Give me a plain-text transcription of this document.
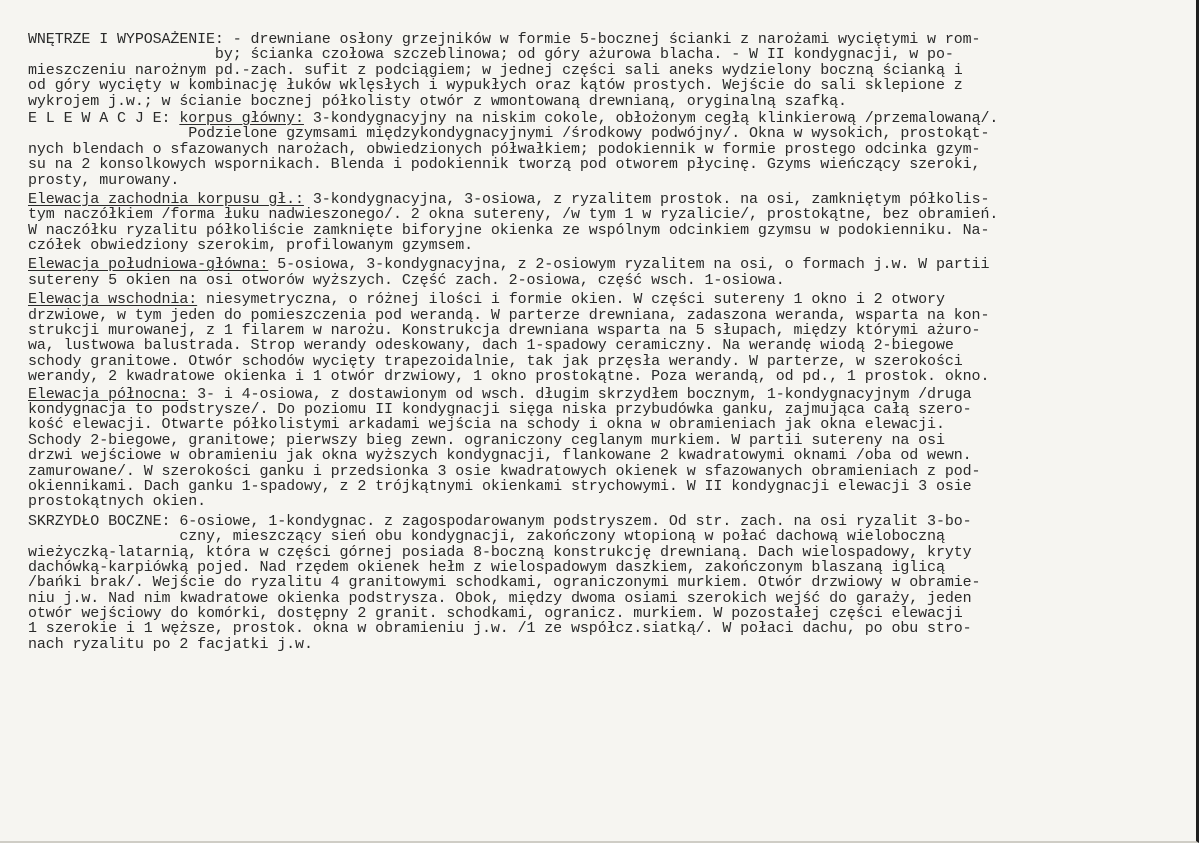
WNĘTRZE I WYPOSAŻENIE: - drewniane osłony grzejników w formie 5-bocznej ścianki z narożami wyciętymi w rom-
by; ścianka czołowa szczeblinowa; od góry ażurowa blacha. - W II kondygnacji, w po-
mieszczeniu narożnym pd.-zach. sufit z podciągiem; w jednej części sali aneks wydzielony boczną ścianką i
od góry wycięty w kombinację łuków wklęsłych i wypukłych oraz kątów prostych. Wejście do sali sklepione z
wykrojem j.w.; w ścianie bocznej półkolisty otwór z wmontowaną drewnianą, oryginalną szafką.
E L E W A C J E: korpus główny: 3-kondygnacyjny na niskim cokole, obłożonym cegłą klinkierową /przemalowaną/.
Podzielone gzymsami międzykondygnacyjnymi /środkowy podwójny/. Okna w wysokich, prostokąt-
nych blendach o sfazowanych narożach, obwiedzionych półwałkiem; podokiennik w formie prostego odcinka gzym-
su na 2 konsolkowych wspornikach. Blenda i podokiennik tworzą pod otworem płycinę. Gzyms wieńczący szeroki,
prosty, murowany.
Elewacja zachodnia korpusu gł.: 3-kondygnacyjna, 3-osiowa, z ryzalitem prostok. na osi, zamkniętym półkolis-
tym naczółkiem /forma łuku nadwieszonego/. 2 okna sutereny, /w tym 1 w ryzalicie/, prostokątne, bez obramień.
W naczółku ryzalitu półkoliście zamknięte biforyjne okienka ze wspólnym odcinkiem gzymsu w podokienniku. Na-
czółek obwiedziony szerokim, profilowanym gzymsem.
Elewacja południowa-główna: 5-osiowa, 3-kondygnacyjna, z 2-osiowym ryzalitem na osi, o formach j.w. W partii
sutereny 5 okien na osi otworów wyższych. Część zach. 2-osiowa, część wsch. 1-osiowa.
Elewacja wschodnia: niesymetryczna, o różnej ilości i formie okien. W części sutereny 1 okno i 2 otwory
drzwiowe, w tym jeden do pomieszczenia pod werandą. W parterze drewniana, zadaszona weranda, wsparta na kon-
strukcji murowanej, z 1 filarem w narożu. Konstrukcja drewniana wsparta na 5 słupach, między którymi ażuro-
wa, lustwowa balustrada. Strop werandy odeskowany, dach 1-spadowy ceramiczny. Na werandę wiodą 2-biegowe
schody granitowe. Otwór schodów wycięty trapezoidalnie, tak jak przęsła werandy. W parterze, w szerokości
werandy, 2 kwadratowe okienka i 1 otwór drzwiowy, 1 okno prostokątne. Poza werandą, od pd., 1 prostok. okno.
Elewacja północna: 3- i 4-osiowa, z dostawionym od wsch. długim skrzydłem bocznym, 1-kondygnacyjnym /druga
kondygnacja to podstrysze/. Do poziomu II kondygnacji sięga niska przybudówka ganku, zajmująca całą szero-
kość elewacji. Otwarte półkolistymi arkadami wejścia na schody i okna w obramieniach jak okna elewacji.
Schody 2-biegowe, granitowe; pierwszy bieg zewn. ograniczony ceglanym murkiem. W partii sutereny na osi
drzwi wejściowe w obramieniu jak okna wyższych kondygnacji, flankowane 2 kwadratowymi oknami /oba od wewn.
zamurowane/. W szerokości ganku i przedsionka 3 osie kwadratowych okienek w sfazowanych obramieniach z pod-
okiennikami. Dach ganku 1-spadowy, z 2 trójkątnymi okienkami strychowymi. W II kondygnacji elewacji 3 osie
prostokątnych okien.
SKRZYDŁO BOCZNE: 6-osiowe, 1-kondygnac. z zagospodarowanym podstryszem. Od str. zach. na osi ryzalit 3-bo-
czny, mieszczący sień obu kondygnacji, zakończony wtopioną w połać dachową wieloboczną
wieżyczką-latarnią, która w części górnej posiada 8-boczną konstrukcję drewnianą. Dach wielospadowy, kryty
dachówką-karpiówką pojed. Nad rzędem okienek hełm z wielospadowym daszkiem, zakończonym blaszaną iglicą
/bańki brak/. Wejście do ryzalitu 4 granitowymi schodkami, ograniczonymi murkiem. Otwór drzwiowy w obramie-
niu j.w. Nad nim kwadratowe okienka podstrysza. Obok, między dwoma osiami szerokich wejść do garaży, jeden
otwór wejściowy do komórki, dostępny 2 granit. schodkami, ogranicz. murkiem. W pozostałej części elewacji
1 szerokie i 1 węższe, prostok. okna w obramieniu j.w. /1 ze współcz.siatką/. W połaci dachu, po obu stro-
nach ryzalitu po 2 facjatki j.w.
